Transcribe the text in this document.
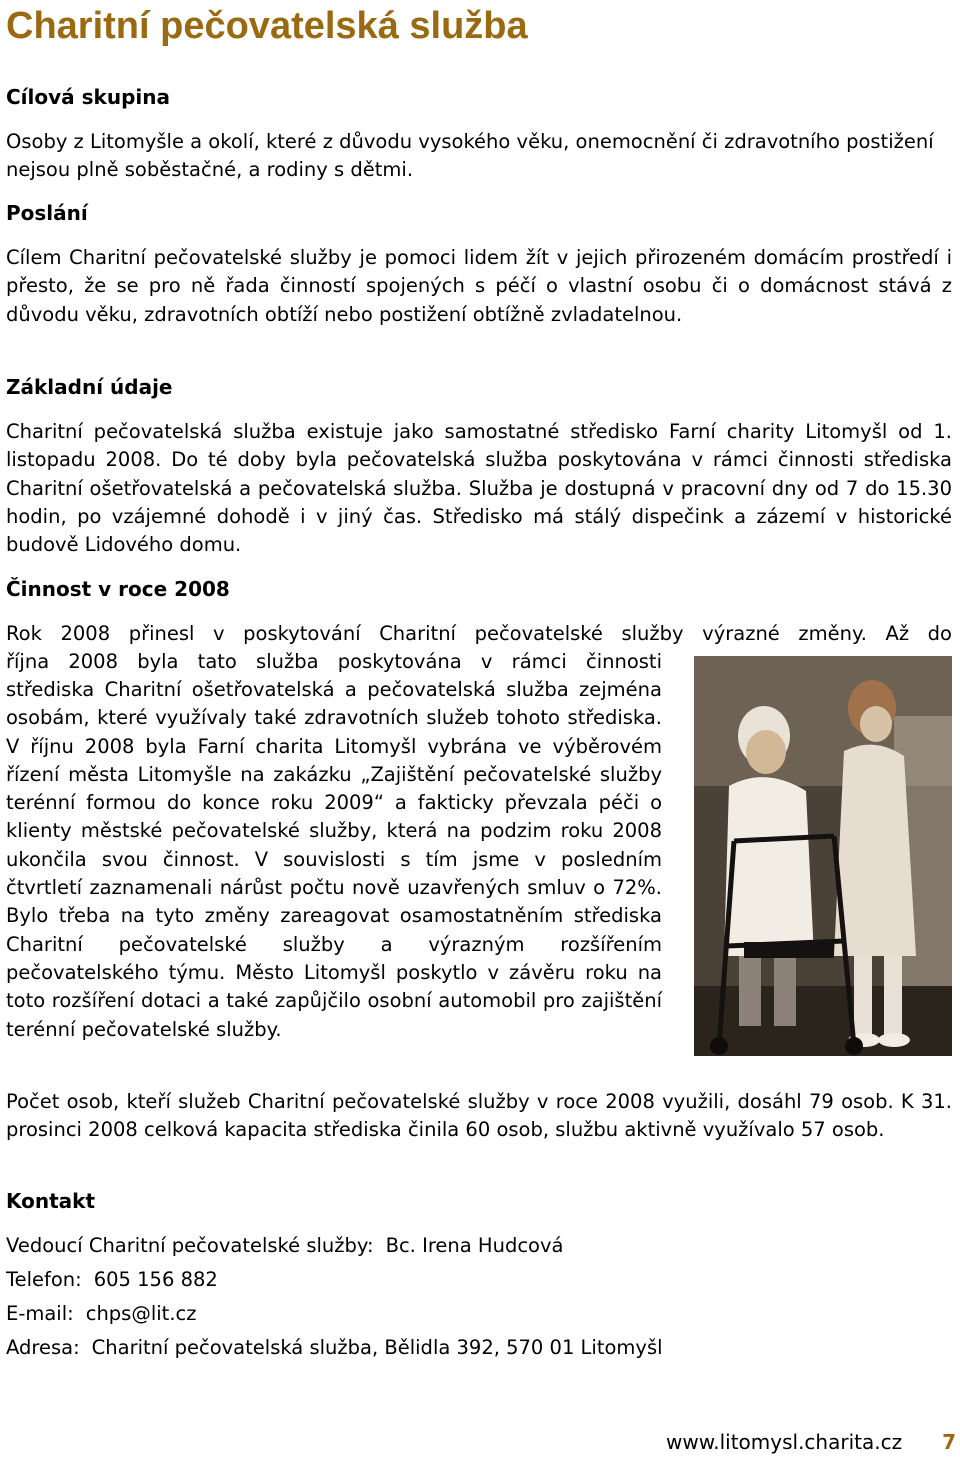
Charitní pečovatelská služba
Cílová skupina

Osoby z Litomyšle a okolí, které z důvodu vysokého věku, onemocnění či zdravotního postižení nejsou plně soběstačné, a rodiny s dětmi.

Poslání

Cílem Charitní pečovatelské služby je pomoci lidem žít v jejich přirozeném domácím prostředí i přesto, že se pro ně řada činností spojených s péčí o vlastní osobu či o domácnost stává z důvodu věku, zdravotních obtíží nebo postižení obtížně zvladatelnou.

Základní údaje

Charitní pečovatelská služba existuje jako samostatné středisko Farní charity Litomyšl od 1. listopadu 2008. Do té doby byla pečovatelská služba poskytována v rámci činnosti střediska Charitní ošetřovatelská a pečovatelská služba. Služba je dostupná v pracovní dny od 7 do 15.30 hodin, po vzájemné dohodě i v jiný čas. Středisko má stálý dispečink a zázemí v historické budově Lidového domu.

Činnost v roce 2008

Rok 2008 přinesl v poskytování Charitní pečovatelské služby výrazné změny. Až do
října 2008 byla tato služba poskytována v rámci činnosti

střediska Charitní ošetřovatelská a pečovatelská služba zejména osobám, které využívaly také zdravotních služeb tohoto střediska. V říjnu 2008 byla Farní charita Litomyšl vybrána ve výběrovém řízení města Litomyšle na zakázku „Zajištění pečovatelské služby terénní formou do konce roku 2009“ a fakticky převzala péči o klienty městské pečovatelské služby, která na podzim roku 2008 ukončila svou činnost. V souvislosti s tím jsme v posledním čtvrtletí zaznamenali nárůst počtu nově uzavřených smluv o 72%. Bylo třeba na tyto změny zareagovat osamostatněním střediska Charitní pečovatelské služby a výrazným rozšířením pečovatelského týmu. Město Litomyšl poskytlo v závěru roku na toto rozšíření dotaci a také zapůjčilo osobní automobil pro zajištění terénní pečovatelské služby.

Počet osob, kteří služeb Charitní pečovatelské služby v roce 2008 využili, dosáhl 79 osob. K 31. prosinci 2008 celková kapacita střediska činila 60 osob, službu aktivně využívalo 57 osob.

Kontakt

Vedoucí Charitní pečovatelské služby: Bc. Irena Hudcová

Telefon: 605 156 882

E-mail: chps@lit.cz

Adresa: Charitní pečovatelská služba, Bělidla 392, 570 01 Litomyšl

www.litomysl.charita.cz 7
